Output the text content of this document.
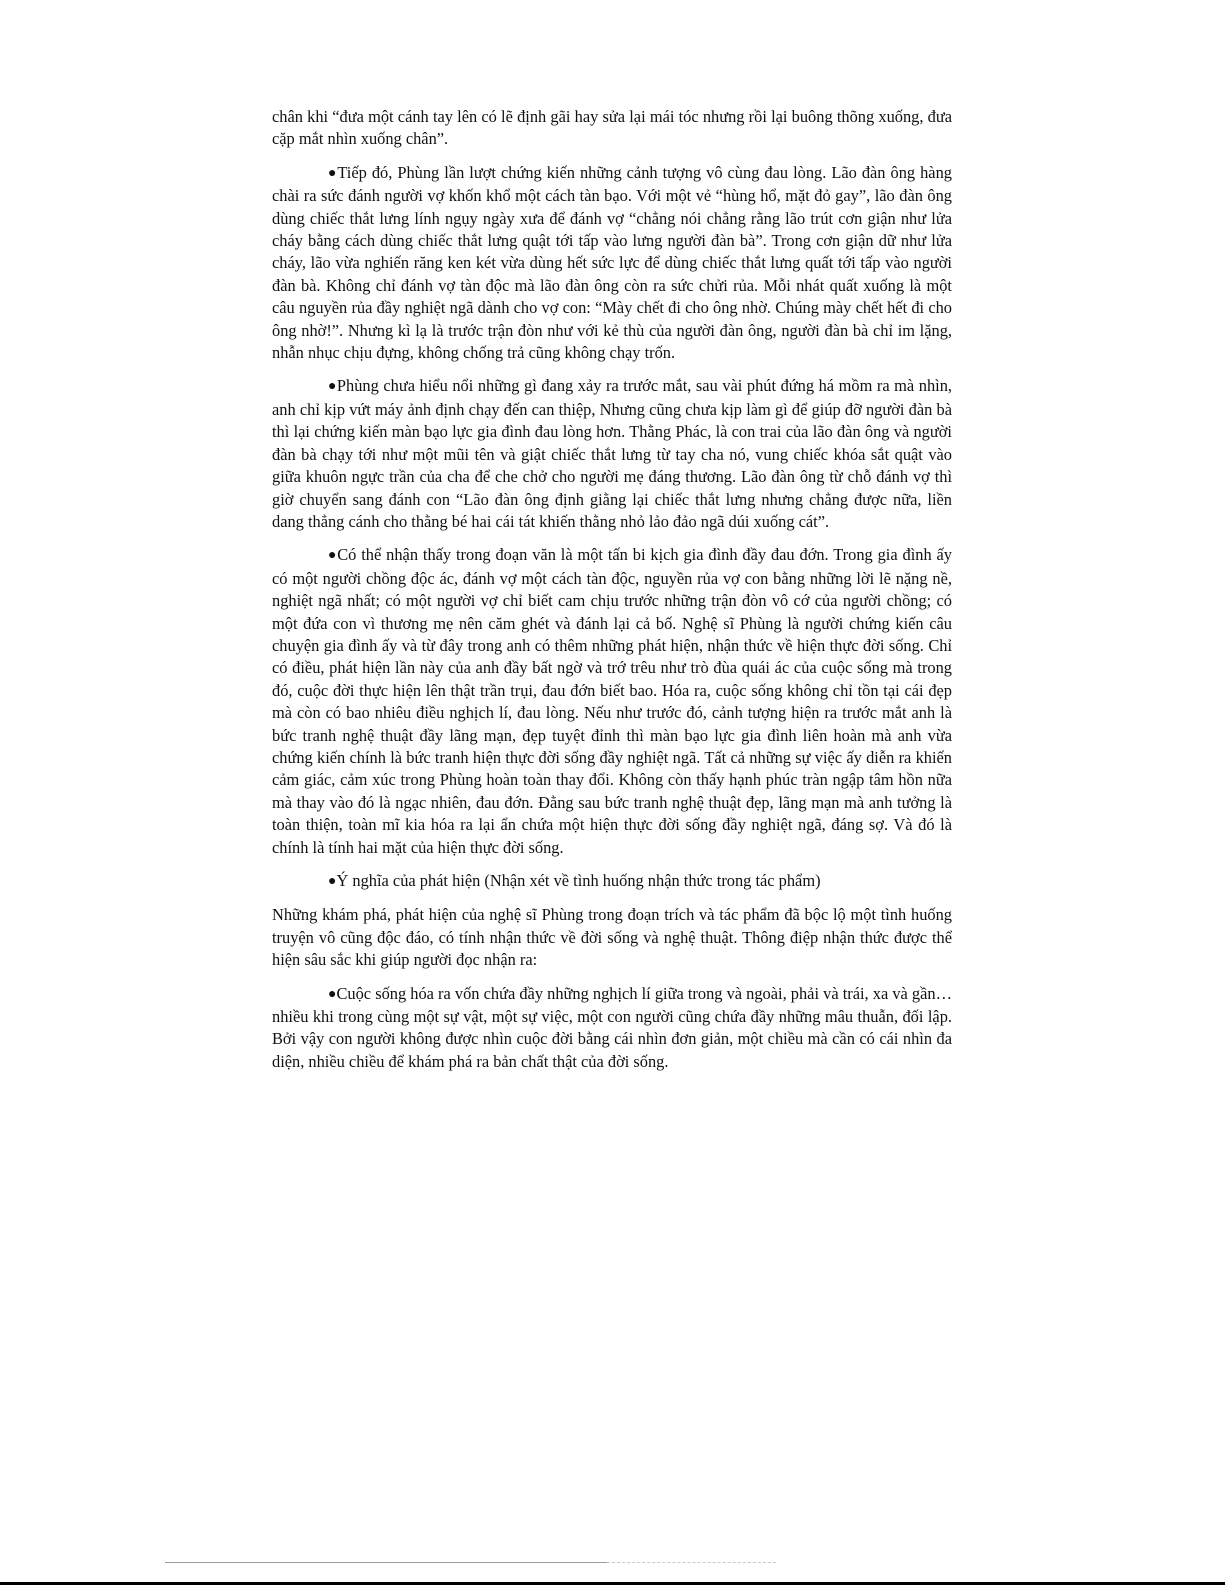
chân khi “đưa một cánh tay lên có lẽ định gãi hay sửa lại mái tóc nhưng rồi lại buông thõng xuống, đưa cặp mắt nhìn xuống chân”.

●Tiếp đó, Phùng lần lượt chứng kiến những cảnh tượng vô cùng đau lòng. Lão đàn ông hàng chài ra sức đánh người vợ khốn khổ một cách tàn bạo. Với một vẻ “hùng hổ, mặt đỏ gay”, lão đàn ông dùng chiếc thắt lưng lính ngụy ngày xưa để đánh vợ “chẳng nói chẳng rằng lão trút cơn giận như lửa cháy bằng cách dùng chiếc thắt lưng quật tới tấp vào lưng người đàn bà”. Trong cơn giận dữ như lửa cháy, lão vừa nghiến răng ken két vừa dùng hết sức lực để dùng chiếc thắt lưng quất tới tấp vào người đàn bà. Không chỉ đánh vợ tàn độc mà lão đàn ông còn ra sức chửi rủa. Mỗi nhát quất xuống là một câu nguyền rủa đầy nghiệt ngã dành cho vợ con: “Mày chết đi cho ông nhờ. Chúng mày chết hết đi cho ông nhờ!”. Nhưng kì lạ là trước trận đòn như với kẻ thù của người đàn ông, người đàn bà chỉ im lặng, nhẫn nhục chịu đựng, không chống trả cũng không chạy trốn.

●Phùng chưa hiểu nổi những gì đang xảy ra trước mắt, sau vài phút đứng há mồm ra mà nhìn, anh chỉ kịp vứt máy ảnh định chạy đến can thiệp, Nhưng cũng chưa kịp làm gì để giúp đỡ người đàn bà thì lại chứng kiến màn bạo lực gia đình đau lòng hơn. Thằng Phác, là con trai của lão đàn ông và người đàn bà chạy tới như một mũi tên và giật chiếc thắt lưng từ tay cha nó, vung chiếc khóa sắt quật vào giữa khuôn ngực trần của cha để che chở cho người mẹ đáng thương. Lão đàn ông từ chỗ đánh vợ thì giờ chuyển sang đánh con “Lão đàn ông định giằng lại chiếc thắt lưng nhưng chẳng được nữa, liền dang thẳng cánh cho thằng bé hai cái tát khiến thằng nhỏ lảo đảo ngã dúi xuống cát”.

●Có thể nhận thấy trong đoạn văn là một tấn bi kịch gia đình đầy đau đớn. Trong gia đình ấy có một người chồng độc ác, đánh vợ một cách tàn độc, nguyền rủa vợ con bằng những lời lẽ nặng nề, nghiệt ngã nhất; có một người vợ chỉ biết cam chịu trước những trận đòn vô cớ của người chồng; có một đứa con vì thương mẹ nên căm ghét và đánh lại cả bố. Nghệ sĩ Phùng là người chứng kiến câu chuyện gia đình ấy và từ đây trong anh có thêm những phát hiện, nhận thức về hiện thực đời sống. Chỉ có điều, phát hiện lần này của anh đầy bất ngờ và trớ trêu như trò đùa quái ác của cuộc sống mà trong đó, cuộc đời thực hiện lên thật trần trụi, đau đớn biết bao. Hóa ra, cuộc sống không chỉ tồn tại cái đẹp mà còn có bao nhiêu điều nghịch lí, đau lòng. Nếu như trước đó, cảnh tượng hiện ra trước mắt anh là bức tranh nghệ thuật đầy lãng mạn, đẹp tuyệt đỉnh thì màn bạo lực gia đình liên hoàn mà anh vừa chứng kiến chính là bức tranh hiện thực đời sống đầy nghiệt ngã. Tất cả những sự việc ấy diễn ra khiến cảm giác, cảm xúc trong Phùng hoàn toàn thay đổi. Không còn thấy hạnh phúc tràn ngập tâm hồn nữa mà thay vào đó là ngạc nhiên, đau đớn. Đằng sau bức tranh nghệ thuật đẹp, lãng mạn mà anh tưởng là toàn thiện, toàn mĩ kia hóa ra lại ẩn chứa một hiện thực đời sống đầy nghiệt ngã, đáng sợ. Và đó là chính là tính hai mặt của hiện thực đời sống.

●Ý nghĩa của phát hiện (Nhận xét về tình huống nhận thức trong tác phẩm)

Những khám phá, phát hiện của nghệ sĩ Phùng trong đoạn trích và tác phẩm đã bộc lộ một tình huống truyện vô cũng độc đáo, có tính nhận thức về đời sống và nghệ thuật. Thông điệp nhận thức được thể hiện sâu sắc khi giúp người đọc nhận ra:

●Cuộc sống hóa ra vốn chứa đầy những nghịch lí giữa trong và ngoài, phải và trái, xa và gần… nhiều khi trong cùng một sự vật, một sự việc, một con người cũng chứa đầy những mâu thuẫn, đối lập. Bởi vậy con người không được nhìn cuộc đời bằng cái nhìn đơn giản, một chiều mà cần có cái nhìn đa diện, nhiều chiều để khám phá ra bản chất thật của đời sống.
